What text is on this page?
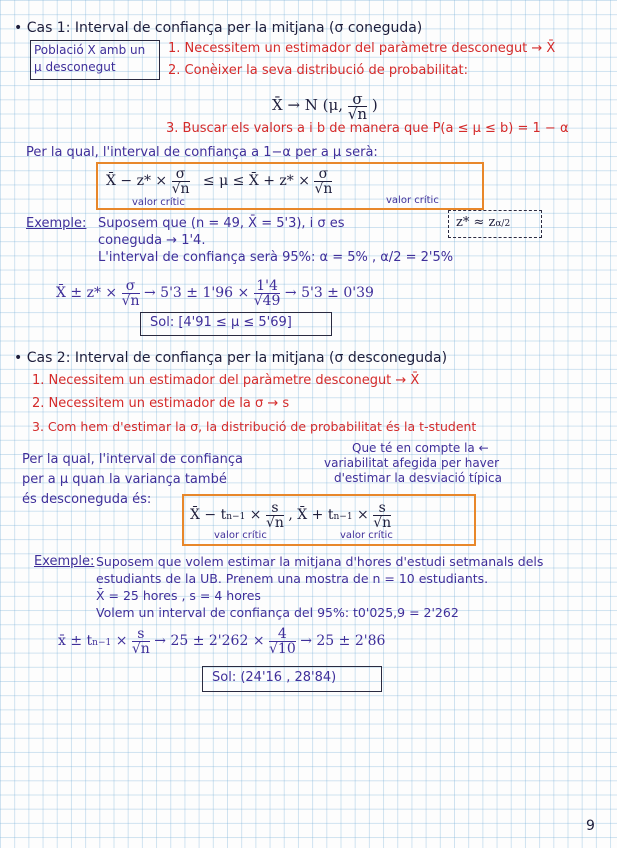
• Cas 1: Interval de confiança per la mitjana (σ coneguda)
Població X amb un μ desconegut
1. Necessitem un estimador del paràmetre desconegut → X̄
2. Conèixer la seva distribució de probabilitat:
X̄ → N (μ, $\frac{\sigma}{√n}$ )
3. Buscar els valors a i b de manera que P(a ≤ μ ≤ b) = 1 − α
Per la qual, l'interval de confiança a 1−α per a μ serà:
X̄ − $z* \times \frac{\sigma}{√n} \le \mu$ ≤ X̄ + $z* \times \frac{\sigma}{√n}$
valor crític	valor crític
Exemple: Suposem que (n = 49, X̄ = 5'3), i σ es
coneguda → 1'4.
L'interval de confiança serà 95%: α = 5% , α/2 = 2'5%
z* ≈ zα/2
X̄ ± $z* \times \frac{\sigma}{√n} \to 5'3 \pm 1'96 \times \frac{1'4}{√49} \to 5'3 \pm 0'39$
Sol: [4'91 ≤ μ ≤ 5'69]
• Cas 2: Interval de confiança per la mitjana (σ desconeguda)
1. Necessitem un estimador del paràmetre desconegut → X̄
2. Necessitem un estimador de la σ → s
3. Com hem d'estimar la σ, la distribució de probabilitat és la t-student
Que té en compte la ←
variabilitat afegida per haver
d'estimar la desviació típica
Per la qual, l'interval de confiança
per a μ quan la variança també
és desconeguda és:
X̄ − $tn-1 \times \frac{s}{√n}$ , X̄ + $tn-1 \times \frac{s}{√n}$
valor crític	valor crític
Exemple: Suposem que volem estimar la mitjana d'hores d'estudi setmanals dels
estudiants de la UB. Prenem una mostra de n = 10 estudiants.
X̄ = 25 hores , s = 4 hores
Volem un interval de confiança del 95%: t0'025,9 = 2'262
x̄ ± $tn-1 \times \frac{s}{√n} \to 25 \pm 2'262 \times \frac{4}{√10} \to 25 \pm 2'86$
Sol: (24'16 , 28'84)
9
